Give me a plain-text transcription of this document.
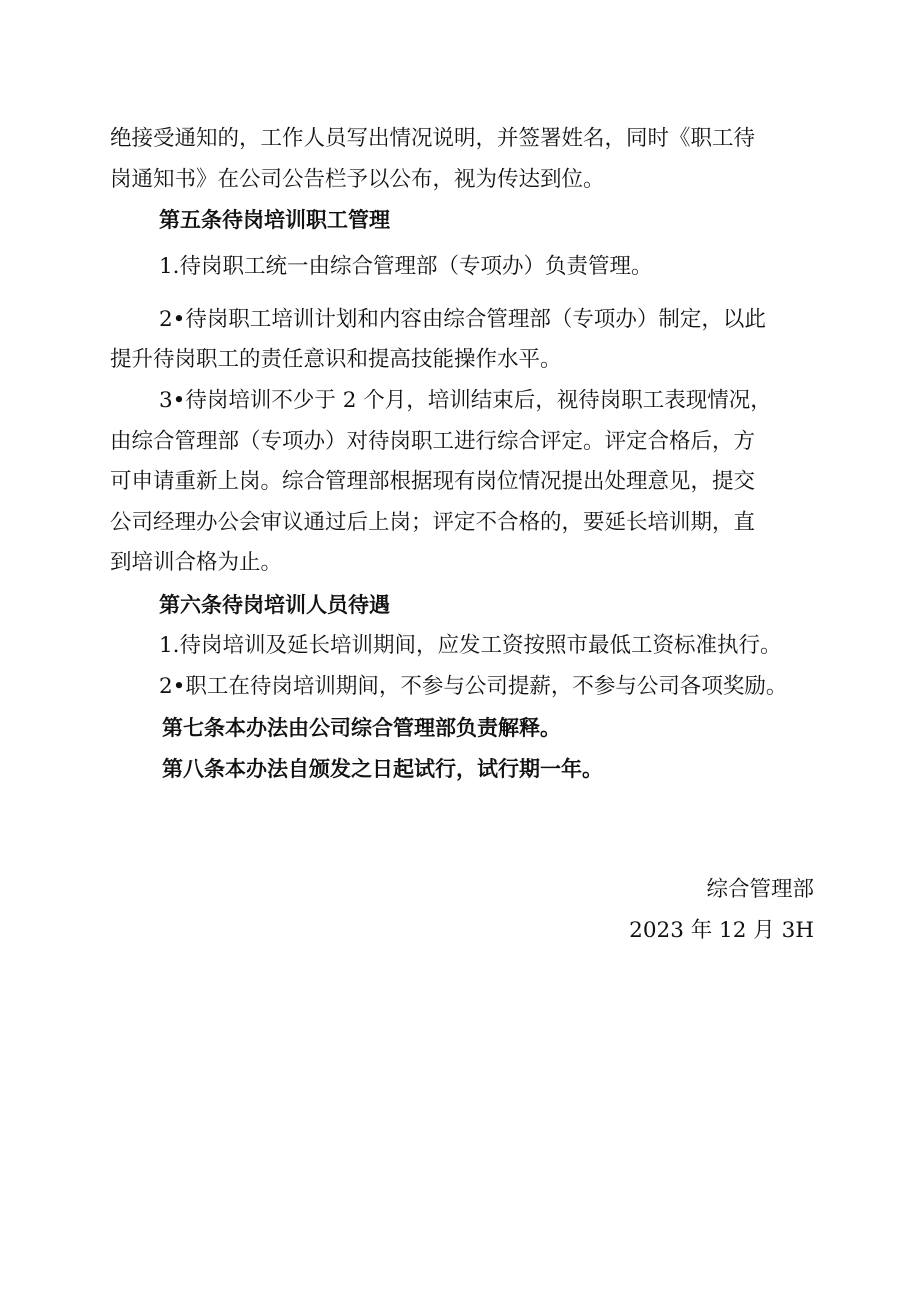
绝接受通知的，工作人员写出情况说明，并签署姓名，同时《职工待
岗通知书》在公司公告栏予以公布，视为传达到位。
第五条待岗培训职工管理
1.待岗职工统一由综合管理部（专项办）负责管理。
2•待岗职工培训计划和内容由综合管理部（专项办）制定，以此
提升待岗职工的责任意识和提高技能操作水平。
3•待岗培训不少于 2 个月，培训结束后，视待岗职工表现情况，
由综合管理部（专项办）对待岗职工进行综合评定。评定合格后，方
可申请重新上岗。综合管理部根据现有岗位情况提出处理意见，提交
公司经理办公会审议通过后上岗；评定不合格的，要延长培训期，直
到培训合格为止。
第六条待岗培训人员待遇
1.待岗培训及延长培训期间，应发工资按照市最低工资标准执行。
2•职工在待岗培训期间，不参与公司提薪，不参与公司各项奖励。
第七条本办法由公司综合管理部负责解释。
第八条本办法自颁发之日起试行，试行期一年。
综合管理部
2023 年 12 月 3H
